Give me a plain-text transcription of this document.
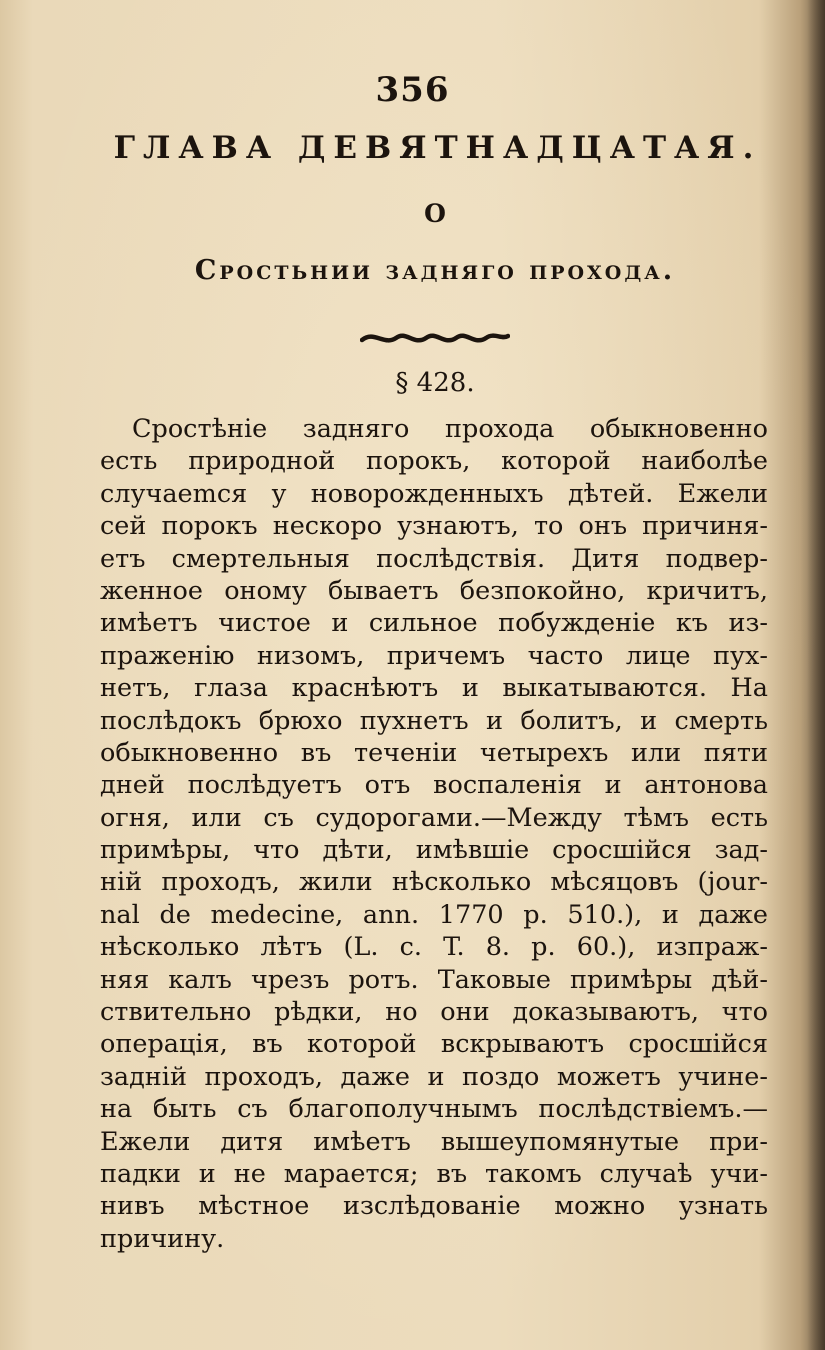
356
ГЛАВА ДЕВЯТНАДЦАТАЯ.
О
Сростьнии задняго прохода.
§ 428.

Сростѣніе задняго прохода обыкновенно
есть природной порокъ, которой наиболѣе
случаеmся у новорожденныхъ дѣтей. Ежели
сей порокъ нескоро узнаютъ, то онъ причиня-
етъ смертельныя послѣдствія. Дитя подвер-
женное оному бываетъ безпокойно, кричитъ,
имѣетъ чистое и сильное побужденіе къ из-
праженію низомъ, причемъ часто лице пух-
нетъ, глаза краснѣютъ и выкатываются. На
послѣдокъ брюхо пухнетъ и болитъ, и смерть
обыкновенно въ теченіи четырехъ или пяти
дней послѣдуетъ отъ воспаленія и антонова
огня, или съ судорогами.—Между тѣмъ есть
примѣры, что дѣти, имѣвшіе сросшійся зад-
ній проходъ, жили нѣсколько мѣсяцовъ (jour-
nal de medecine, ann. 1770 p. 510.), и даже
нѣсколько лѣтъ (L. c. T. 8. p. 60.), изпраж-
няя калъ чрезъ ротъ. Таковые примѣры дѣй-
ствительно рѣдки, но они доказываютъ, что
операція, въ которой вскрываютъ сросшійся
задній проходъ, даже и поздо можетъ учине-
на быть съ благополучнымъ послѣдствіемъ.—
Ежели дитя имѣетъ вышеупомянутые при-
падки и не марается; въ такомъ случаѣ учи-
нивъ мѣстное изслѣдованіе можно узнать
причину.
